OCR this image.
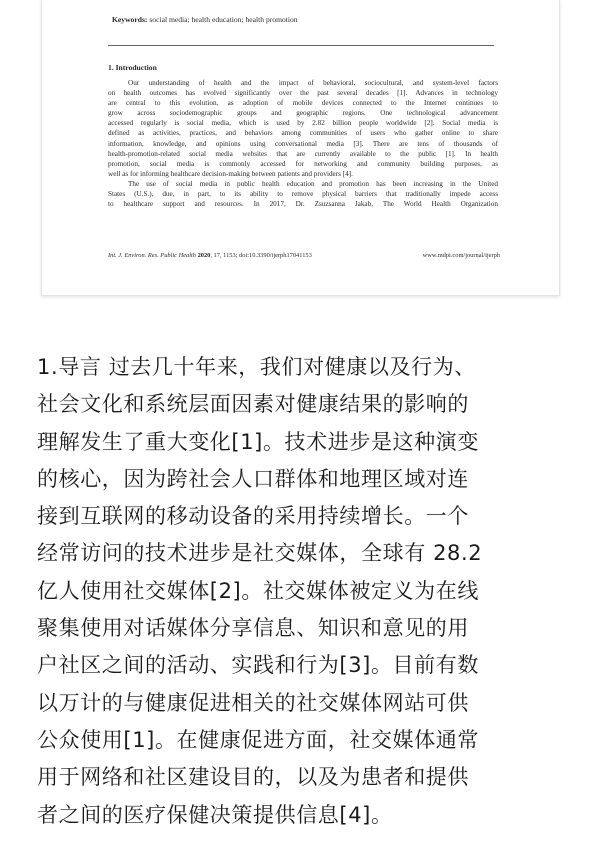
Keywords: social media; health education; health promotion
1. Introduction
Our understanding of health and the impact of behavioral, sociocultural, and system-level factors
on health outcomes has evolved significantly over the past several decades [1]. Advances in technology
are central to this evolution, as adoption of mobile devices connected to the Internet continues to
grow across sociodemographic groups and geographic regions. One technological advancement
accessed regularly is social media, which is used by 2.82 billion people worldwide [2]. Social media is
defined as activities, practices, and behaviors among communities of users who gather online to share
information, knowledge, and opinions using conversational media [3]. There are tens of thousands of
health-promotion-related social media websites that are currently available to the public [1]. In health
promotion, social media is commonly accessed for networking and community building purposes, as
well as for informing healthcare decision-making between patients and providers [4].
The use of social media in public health education and promotion has been increasing in the United
States (U.S.), due, in part, to its ability to remove physical barriers that traditionally impede access
to healthcare support and resources. In 2017, Dr. Zsuzsanna Jakab, The World Health Organization
Int. J. Environ. Res. Public Health 2020, 17, 1153; doi:10.3390/ijerph17041153	www.mdpi.com/journal/ijerph
1.导言 过去几十年来，我们对健康以及行为、
社会文化和系统层面因素对健康结果的影响的
理解发生了重大变化[1]。技术进步是这种演变
的核心，因为跨社会人口群体和地理区域对连
接到互联网的移动设备的采用持续增长。一个
经常访问的技术进步是社交媒体，全球有 28.2
亿人使用社交媒体[2]。社交媒体被定义为在线
聚集使用对话媒体分享信息、知识和意见的用
户社区之间的活动、实践和行为[3]。目前有数
以万计的与健康促进相关的社交媒体网站可供
公众使用[1]。在健康促进方面，社交媒体通常
用于网络和社区建设目的，以及为患者和提供
者之间的医疗保健决策提供信息[4]。
